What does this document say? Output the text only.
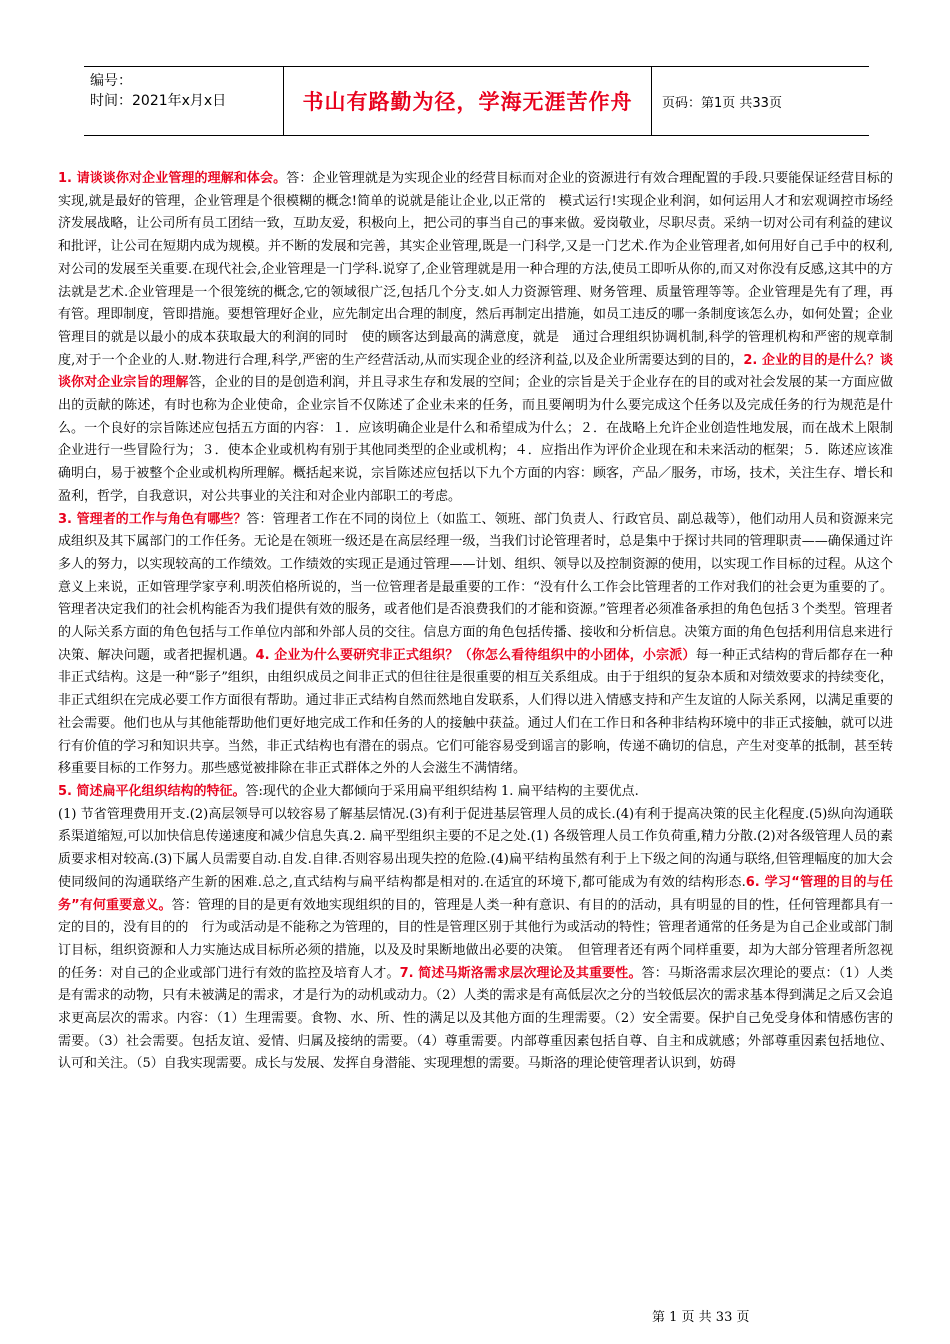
编号：
时间：2021年x月x日	书山有路勤为径，学海无涯苦作舟	页码：第1页 共33页

1. 请谈谈你对企业管理的理解和体会。答：企业管理就是为实现企业的经营目标而对企业的资源进行有效合理配置的手段.只要能保证经营目标的实现,就是最好的管理，企业管理是个很模糊的概念!简单的说就是能让企业,以正常的　模式运行!实现企业利润，如何运用人才和宏观调控市场经济发展战略，让公司所有员工团结一致，互助友爱，积极向上，把公司的事当自己的事来做。爱岗敬业，尽职尽责。采纳一切对公司有利益的建议和批评，让公司在短期内成为规模。并不断的发展和完善，其实企业管理,既是一门科学,又是一门艺术.作为企业管理者,如何用好自己手中的权利,对公司的发展至关重要.在现代社会,企业管理是一门学科.说穿了,企业管理就是用一种合理的方法,使员工即听从你的,而又对你没有反感,这其中的方法就是艺术.企业管理是一个很笼统的概念,它的领域很广泛,包括几个分支.如人力资源管理、财务管理、质量管理等等。企业管理是先有了理，再有管。理即制度，管即措施。要想管理好企业，应先制定出合理的制度，然后再制定出措施，如员工违反的哪一条制度该怎么办，如何处置；企业管理目的就是以最小的成本获取最大的利润的同时　使的顾客达到最高的满意度，就是　通过合理组织协调机制,科学的管理机构和严密的规章制度,对于一个企业的人.财.物进行合理,科学,严密的生产经营活动,从而实现企业的经济利益,以及企业所需要达到的目的，2. 企业的目的是什么？谈谈你对企业宗旨的理解答，企业的目的是创造利润，并且寻求生存和发展的空间；企业的宗旨是关于企业存在的目的或对社会发展的某一方面应做出的贡献的陈述，有时也称为企业使命，企业宗旨不仅陈述了企业未来的任务，而且要阐明为什么要完成这个任务以及完成任务的行为规范是什么。一个良好的宗旨陈述应包括五方面的内容：１．应该明确企业是什么和希望成为什么；２．在战略上允许企业创造性地发展，而在战术上限制企业进行一些冒险行为；３．使本企业或机构有别于其他同类型的企业或机构；４．应指出作为评价企业现在和未来活动的框架；５．陈述应该准确明白，易于被整个企业或机构所理解。概括起来说，宗旨陈述应包括以下九个方面的内容：顾客，产品／服务，市场，技术，关注生存、增长和盈利，哲学，自我意识，对公共事业的关注和对企业内部职工的考虑。

3. 管理者的工作与角色有哪些？答：管理者工作在不同的岗位上（如监工、领班、部门负责人、行政官员、副总裁等），他们动用人员和资源来完成组织及其下属部门的工作任务。无论是在领班一级还是在高层经理一级，当我们讨论管理者时，总是集中于探讨共同的管理职责——确保通过许多人的努力，以实现较高的工作绩效。工作绩效的实现正是通过管理——计划、组织、领导以及控制资源的使用，以实现工作目标的过程。从这个意义上来说，正如管理学家亨利.明茨伯格所说的，当一位管理者是最重要的工作：“没有什么工作会比管理者的工作对我们的社会更为重要的了。管理者决定我们的社会机构能否为我们提供有效的服务，或者他们是否浪费我们的才能和资源。”管理者必须准备承担的角色包括３个类型。管理者的人际关系方面的角色包括与工作单位内部和外部人员的交往。信息方面的角色包括传播、接收和分析信息。决策方面的角色包括利用信息来进行决策、解决问题，或者把握机遇。4. 企业为什么要研究非正式组织？（你怎么看待组织中的小团体，小宗派）每一种正式结构的背后都存在一种非正式结构。这是一种“影子”组织，由组织成员之间非正式的但往往是很重要的相互关系组成。由于于组织的复杂本质和对绩效要求的持续变化，非正式组织在完成必要工作方面很有帮助。通过非正式结构自然而然地自发联系，人们得以进入情感支持和产生友谊的人际关系网，以满足重要的社会需要。他们也从与其他能帮助他们更好地完成工作和任务的人的接触中获益。通过人们在工作日和各种非结构环境中的非正式接触，就可以进行有价值的学习和知识共享。当然，非正式结构也有潜在的弱点。它们可能容易受到谣言的影响，传递不确切的信息，产生对变革的抵制，甚至转移重要目标的工作努力。那些感觉被排除在非正式群体之外的人会滋生不满情绪。

5. 简述扁平化组织结构的特征。答:现代的企业大都倾向于采用扁平组织结构 1. 扁平结构的主要优点.

(1) 节省管理费用开支.(2)高层领导可以较容易了解基层情况.(3)有利于促进基层管理人员的成长.(4)有利于提高决策的民主化程度.(5)纵向沟通联系渠道缩短,可以加快信息传递速度和减少信息失真.2. 扁平型组织主要的不足之处.(1) 各级管理人员工作负荷重,精力分散.(2)对各级管理人员的素质要求相对较高.(3)下属人员需要自动.自发.自律.否则容易出现失控的危险.(4)扁平结构虽然有利于上下级之间的沟通与联络,但管理幅度的加大会使同级间的沟通联络产生新的困难.总之,直式结构与扁平结构都是相对的.在适宜的环境下,都可能成为有效的结构形态.6. 学习“管理的目的与任务”有何重要意义。答：管理的目的是更有效地实现组织的目的，管理是人类一种有意识、有目的的活动，具有明显的目的性，任何管理都具有一定的目的，没有目的的　行为或活动是不能称之为管理的，目的性是管理区别于其他行为或活动的特性；管理者通常的任务是为自己企业或部门制订目标，组织资源和人力实施达成目标所必须的措施，以及及时果断地做出必要的决策。　但管理者还有两个同样重要，却为大部分管理者所忽视的任务：对自己的企业或部门进行有效的监控及培育人才。7. 简述马斯洛需求层次理论及其重要性。答：马斯洛需求层次理论的要点：（1）人类是有需求的动物，只有未被满足的需求，才是行为的动机或动力。（2）人类的需求是有高低层次之分的当较低层次的需求基本得到满足之后又会追求更高层次的需求。内容：（1）生理需要。食物、水、所、性的满足以及其他方面的生理需要。（2）安全需要。保护自己免受身体和情感伤害的需要。（3）社会需要。包括友谊、爱情、归属及接纳的需要。（4）尊重需要。内部尊重因素包括自尊、自主和成就感；外部尊重因素包括地位、认可和关注。（5）自我实现需要。成长与发展、发挥自身潜能、实现理想的需要。马斯洛的理论使管理者认识到，妨碍

第 1 页 共 33 页
